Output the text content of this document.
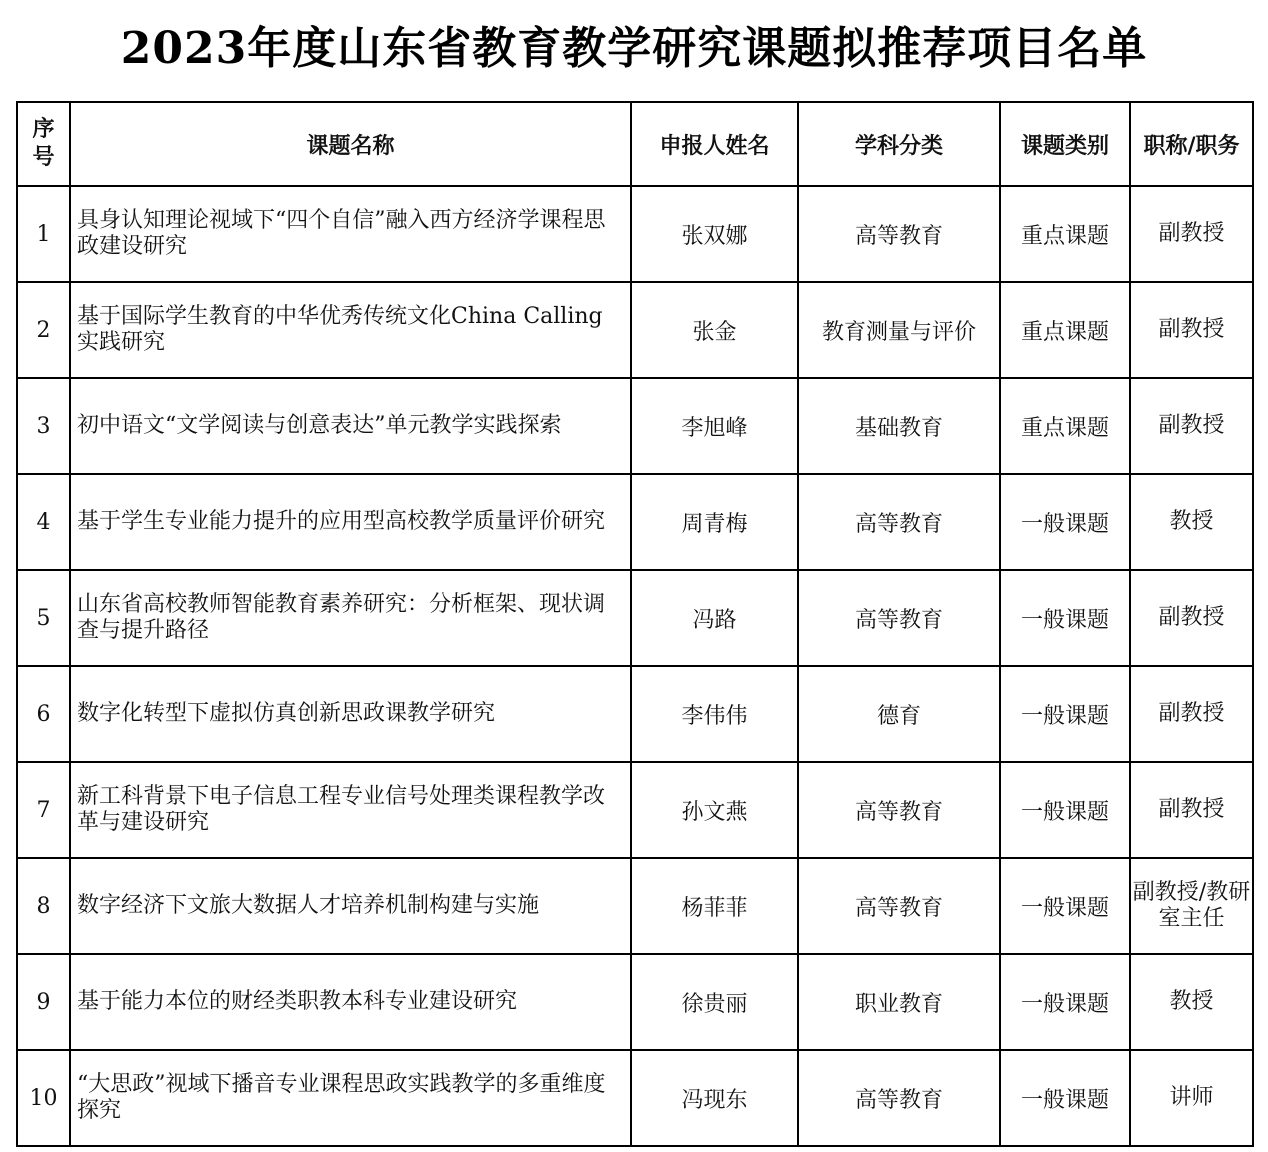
2023年度山东省教育教学研究课题拟推荐项目名单
序
号	课题名称	申报人姓名	学科分类	课题类别	职称/职务
1	具身认知理论视域下“四个自信”融入西方经济学课程思政建设研究	张双娜	高等教育	重点课题	副教授
2	基于国际学生教育的中华优秀传统文化China Calling实践研究	张金	教育测量与评价	重点课题	副教授
3	初中语文“文学阅读与创意表达”单元教学实践探索	李旭峰	基础教育	重点课题	副教授
4	基于学生专业能力提升的应用型高校教学质量评价研究	周青梅	高等教育	一般课题	教授
5	山东省高校教师智能教育素养研究：分析框架、现状调查与提升路径	冯路	高等教育	一般课题	副教授
6	数字化转型下虚拟仿真创新思政课教学研究	李伟伟	德育	一般课题	副教授
7	新工科背景下电子信息工程专业信号处理类课程教学改革与建设研究	孙文燕	高等教育	一般课题	副教授
8	数字经济下文旅大数据人才培养机制构建与实施	杨菲菲	高等教育	一般课题	副教授/教研室主任
9	基于能力本位的财经类职教本科专业建设研究	徐贵丽	职业教育	一般课题	教授
10	“大思政”视域下播音专业课程思政实践教学的多重维度探究	冯现东	高等教育	一般课题	讲师
